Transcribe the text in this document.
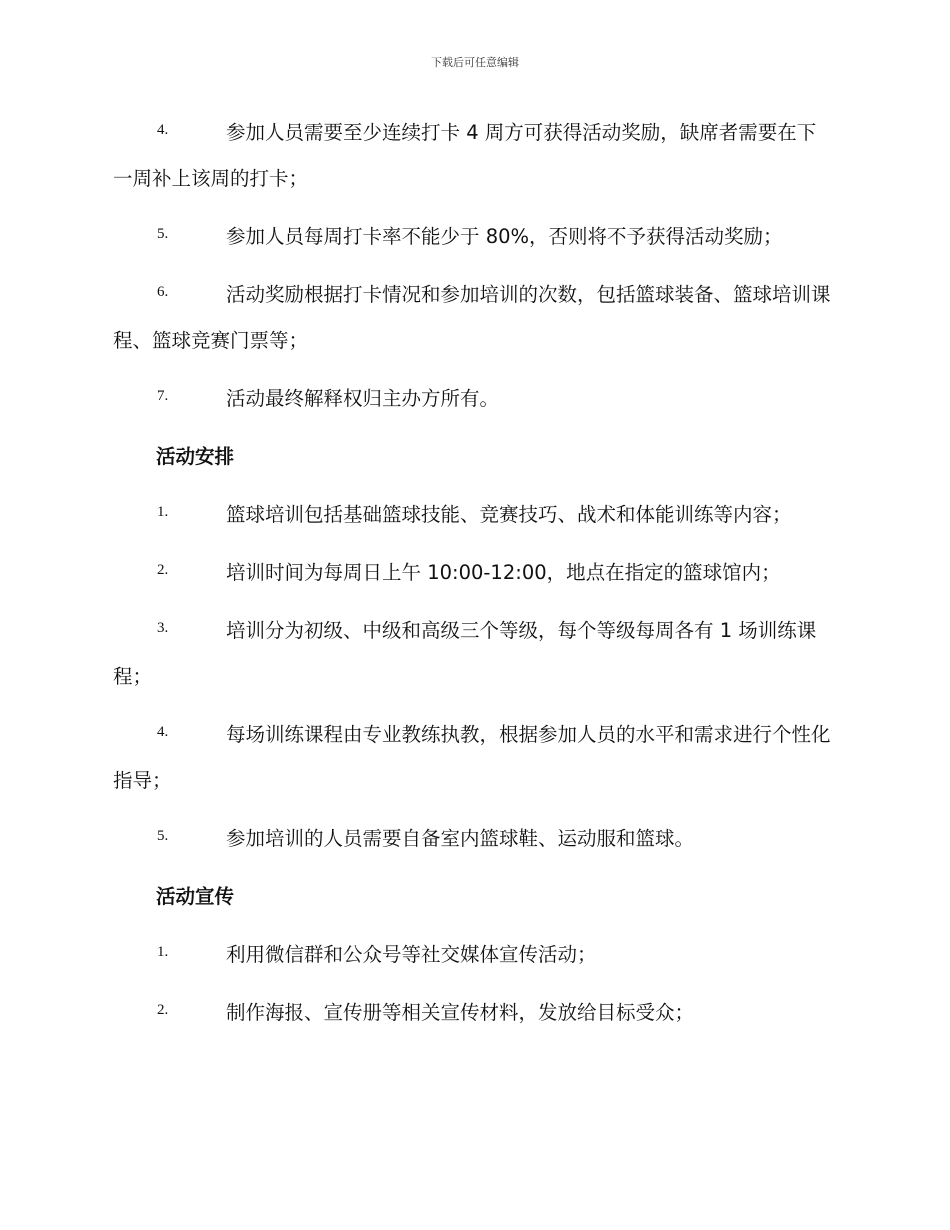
下载后可任意编辑
4.	参加人员需要至少连续打卡 4 周方可获得活动奖励，缺席者需要在下一周补上该周的打卡；
5.	参加人员每周打卡率不能少于 80%，否则将不予获得活动奖励；
6.	活动奖励根据打卡情况和参加培训的次数，包括篮球装备、篮球培训课程、篮球竞赛门票等；
7.	活动最终解释权归主办方所有。
活动安排
1.	篮球培训包括基础篮球技能、竞赛技巧、战术和体能训练等内容；
2.	培训时间为每周日上午 10:00-12:00，地点在指定的篮球馆内；
3.	培训分为初级、中级和高级三个等级，每个等级每周各有 1 场训练课程；
4.	每场训练课程由专业教练执教，根据参加人员的水平和需求进行个性化指导；
5.	参加培训的人员需要自备室内篮球鞋、运动服和篮球。
活动宣传
1.	利用微信群和公众号等社交媒体宣传活动；
2.	制作海报、宣传册等相关宣传材料，发放给目标受众；
